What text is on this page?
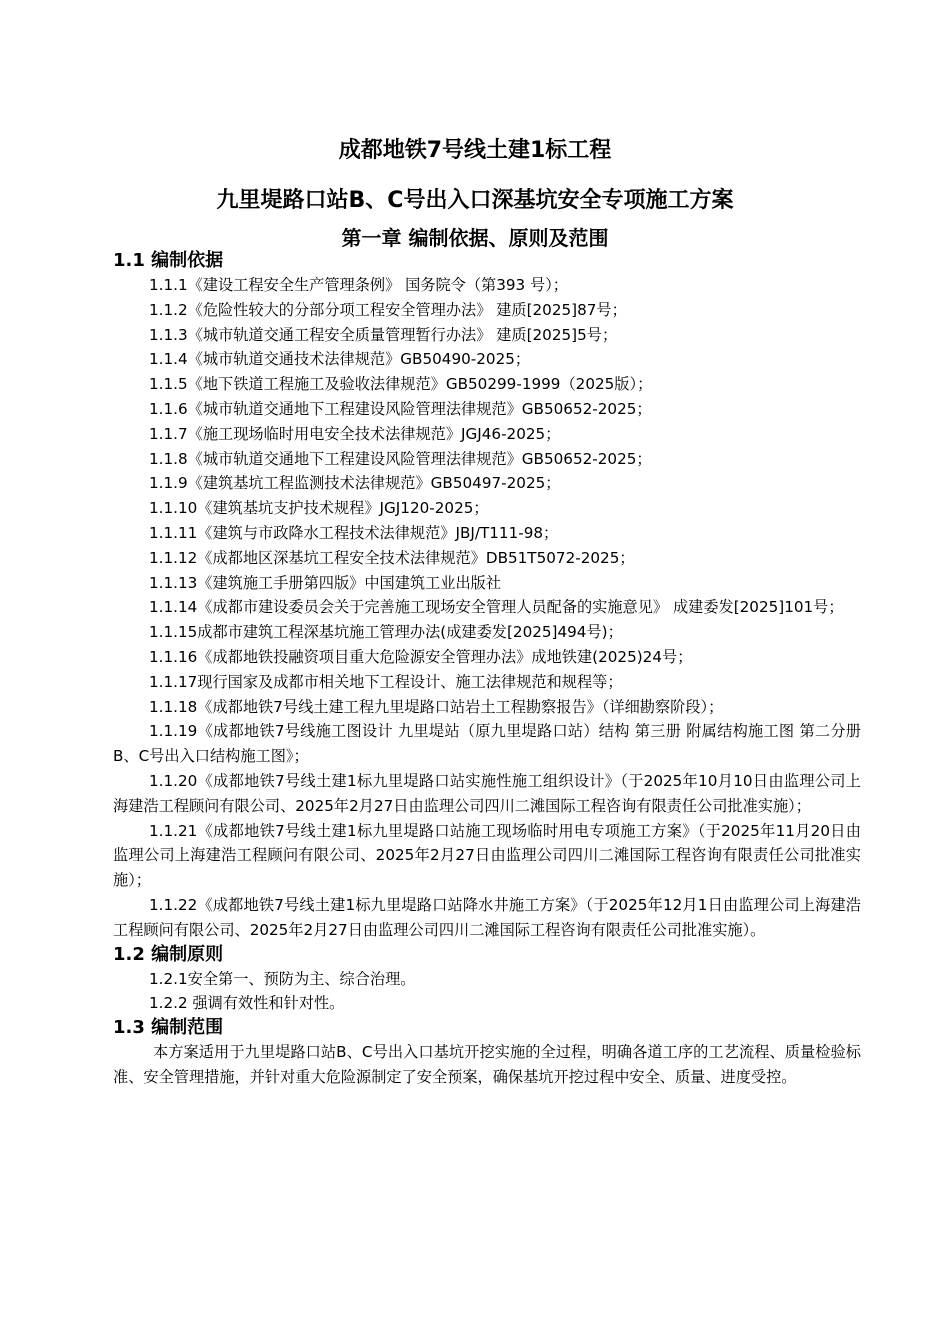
成都地铁7号线土建1标工程
九里堤路口站B、C号出入口深基坑安全专项施工方案
第一章 编制依据、原则及范围
1.1 编制依据
1.1.1《建设工程安全生产管理条例》 国务院令（第393 号）；
1.1.2《危险性较大的分部分项工程安全管理办法》 建质[2025]87号；
1.1.3《城市轨道交通工程安全质量管理暂行办法》 建质[2025]5号；
1.1.4《城市轨道交通技术法律规范》GB50490-2025；
1.1.5《地下铁道工程施工及验收法律规范》GB50299-1999（2025版）；
1.1.6《城市轨道交通地下工程建设风险管理法律规范》GB50652-2025；
1.1.7《施工现场临时用电安全技术法律规范》JGJ46-2025；
1.1.8《城市轨道交通地下工程建设风险管理法律规范》GB50652-2025；
1.1.9《建筑基坑工程监测技术法律规范》GB50497-2025；
1.1.10《建筑基坑支护技术规程》JGJ120-2025；
1.1.11《建筑与市政降水工程技术法律规范》JBJ/T111-98；
1.1.12《成都地区深基坑工程安全技术法律规范》DB51T5072-2025；
1.1.13《建筑施工手册第四版》中国建筑工业出版社
1.1.14《成都市建设委员会关于完善施工现场安全管理人员配备的实施意见》 成建委发[2025]101号；
1.1.15成都市建筑工程深基坑施工管理办法(成建委发[2025]494号)；
1.1.16《成都地铁投融资项目重大危险源安全管理办法》成地铁建(2025)24号；
1.1.17现行国家及成都市相关地下工程设计、施工法律规范和规程等；
1.1.18《成都地铁7号线土建工程九里堤路口站岩土工程勘察报告》（详细勘察阶段）；
1.1.19《成都地铁7号线施工图设计 九里堤站（原九里堤路口站）结构 第三册 附属结构施工图 第二分册 B、C号出入口结构施工图》；
1.1.20《成都地铁7号线土建1标九里堤路口站实施性施工组织设计》（于2025年10月10日由监理公司上海建浩工程顾问有限公司、2025年2月27日由监理公司四川二滩国际工程咨询有限责任公司批准实施）；
1.1.21《成都地铁7号线土建1标九里堤路口站施工现场临时用电专项施工方案》（于2025年11月20日由监理公司上海建浩工程顾问有限公司、2025年2月27日由监理公司四川二滩国际工程咨询有限责任公司批准实施）；
1.1.22《成都地铁7号线土建1标九里堤路口站降水井施工方案》（于2025年12月1日由监理公司上海建浩工程顾问有限公司、2025年2月27日由监理公司四川二滩国际工程咨询有限责任公司批准实施）。
1.2 编制原则
1.2.1安全第一、预防为主、综合治理。
1.2.2 强调有效性和针对性。
1.3 编制范围
本方案适用于九里堤路口站B、C号出入口基坑开挖实施的全过程，明确各道工序的工艺流程、质量检验标准、安全管理措施，并针对重大危险源制定了安全预案，确保基坑开挖过程中安全、质量、进度受控。
